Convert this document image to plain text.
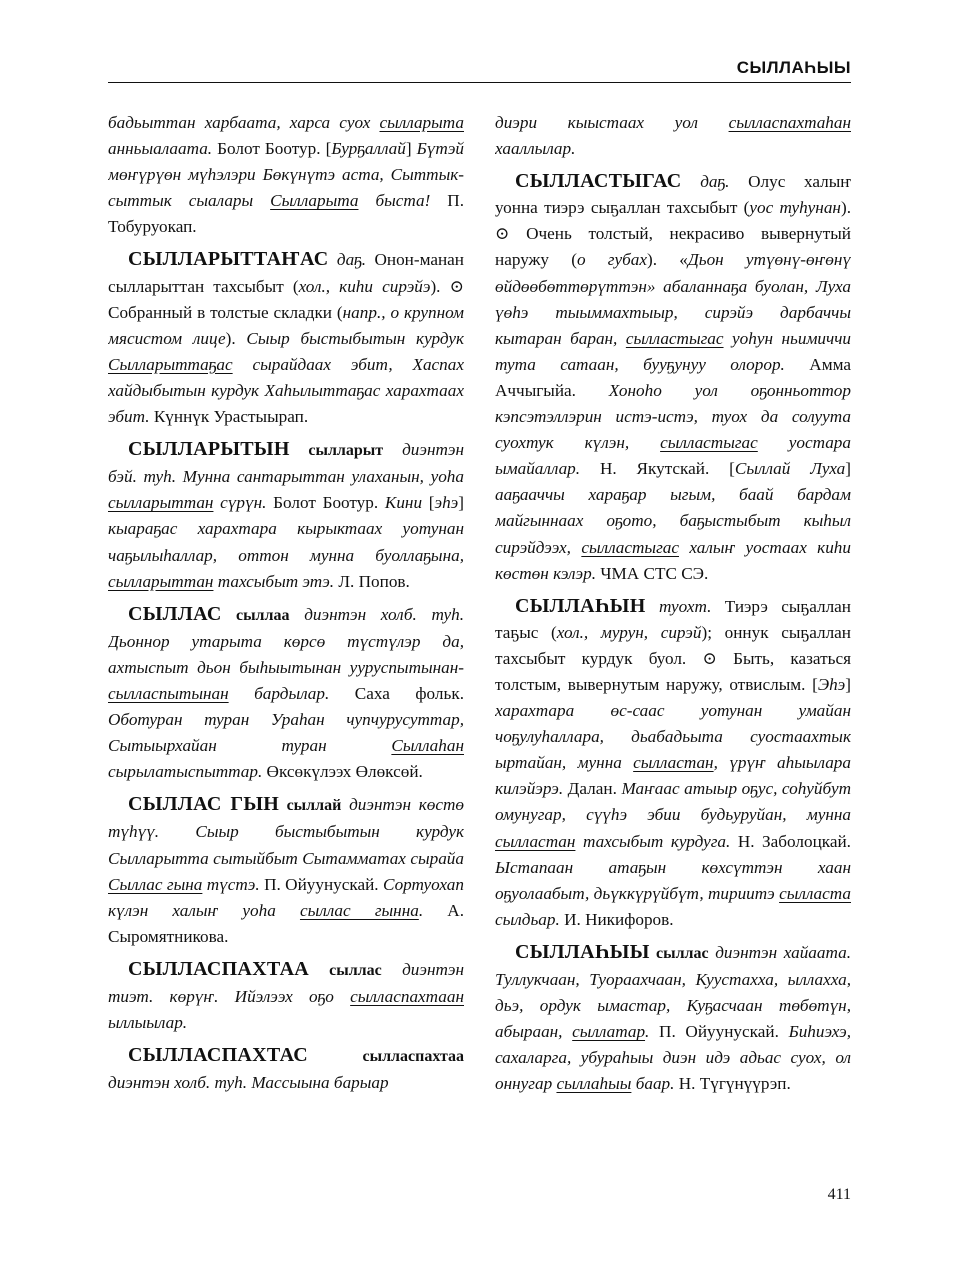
СЫЛЛАҺЫЫ

бадьыттан харбаата, харса суох сылларыта анньыалаата. Болот Боотур. [Бурҕаллай] Бүтэй мөҥүрүөн мүһэлэри Бөкүнүтэ аста, Сыттык-сыттык сыалары Сылларыта быста! П. Тобуруокап.

СЫЛЛАРЫТТАҤАС даҕ. Онон-манан сылларыттан тахсыбыт (хол., киһи сирэйэ). ⊙ Собранный в толстые складки (напр., о крупном мясистом лице). Сыыр быстыбытын курдук Сылларыттаҕас сырайдаах эбит, Хаспах хайдыбытын курдук Хаһылыттаҕас харахтаах эбит. Күннүк Урастыырап.

СЫЛЛАРЫТЫН сылларыт диэнтэн бэй. туһ. Мунна сантарыттан улаханын, уоһа сылларыттан сүрүн. Болот Боотур. Кини [эһэ] кыараҕас харахтара кырыктаах уотунан чаҕылыһаллар, оттон мунна буоллаҕына, сылларыттан тахсыбыт этэ. Л. Попов.

СЫЛЛАС сыллаа диэнтэн холб. туһ. Дьоннор утарыта көрсө түстүлэр да, ахтыспыт дьон быһыытынан ууруспытынан-сылласпытынан бардылар. Саха фольк. Оботуран туран Ураһан чупчурусуттар, Сытыырхайан туран Сыллаһан сырылатыспыттар. Өксөкүлээх Өлөксөй.

СЫЛЛАС ГЫН сыллай диэнтэн көстө түһүү. Сыыр быстыбытын курдук Сылларытта сытыйбыт Сытамматах сырайа Сыллас гына түстэ. П. Ойуунускай. Сортуохап күлэн халыҥ уоһа сыллас гынна. А. Сыромятникова.

СЫЛЛАСПАХТАА сыллас диэнтэн тиэт. көрүҥ. Ийэлээх оҕо сылласпахтаан ыллыылар.

СЫЛЛАСПАХТАС сылласпахтаа диэнтэн холб. туһ. Массыына барыар

диэри кыыстаах уол сылласпахтаһан хааллылар.

СЫЛЛАСТЫГАС даҕ. Олус халыҥ уонна тиэрэ сыҕаллан тахсыбыт (уос туһунан). ⊙ Очень толстый, некрасиво вывернутый наружу (о губах). «Дьон утүөнү-өҥөнү өйдөөбөттөрүттэн» абаланнаҕа буолан, Луха үөһэ тыыммахтыыр, сирэйэ дарбаччы кытаран баран, сылластыгас уоһун ньимиччи тута сатаан, бууҕунуу олорор. Амма Аччыгыйа. Хоноһо уол оҕонньоттор кэпсэтэллэрин истэ-истэ, туох да солуута суохтук күлэн, сылластыгас уостара ымайаллар. Н. Якутскай. [Сыллай Луха] ааҕааччы хараҕар ыгым, баай бардам майгыннаах оҕото, баҕыстыбыт кыһыл сирэйдээх, сылластыгас халыҥ уостаах киһи көстөн кэлэр. ЧМА СТС СЭ.

СЫЛЛАҺЫН туохт. Тиэрэ сыҕаллан таҕыс (хол., мурун, сирэй); оннук сыҕаллан тахсыбыт курдук буол. ⊙ Быть, казаться толстым, вывернутым наружу, отвислым. [Эһэ] харахтара өс-саас уотунан умайан чоҕулуһаллара, дьабадьыта суостаахтык ыртайан, мунна сылластан, үрүҥ аһыылара килэйэрэ. Далан. Маҥаас атыыр оҕус, соһуйбут омунугар, сүүһэ эбии будьуруйан, мунна сылластан тахсыбыт курдуга. Н. Заболоцкай. Ыстапаан атаҕын көхсүттэн хаан оҕуолаабыт, дьүккүрүйбүт, тириитэ сылласта сылдьар. И. Никифоров.

СЫЛЛАҺЫЫ сыллас диэнтэн хайаата. Туллукчаан, Туораахчаан, Куустахха, ыллахха, дьэ, ордук ымастар, Куҕасчаан төбөтүн, абыраан, сыллатар. П. Ойуунускай. Биһиэхэ, сахаларга, убураһыы диэн идэ адьас суох, ол оннугар сыллаһыы баар. Н. Түгүнүүрэп.

411
